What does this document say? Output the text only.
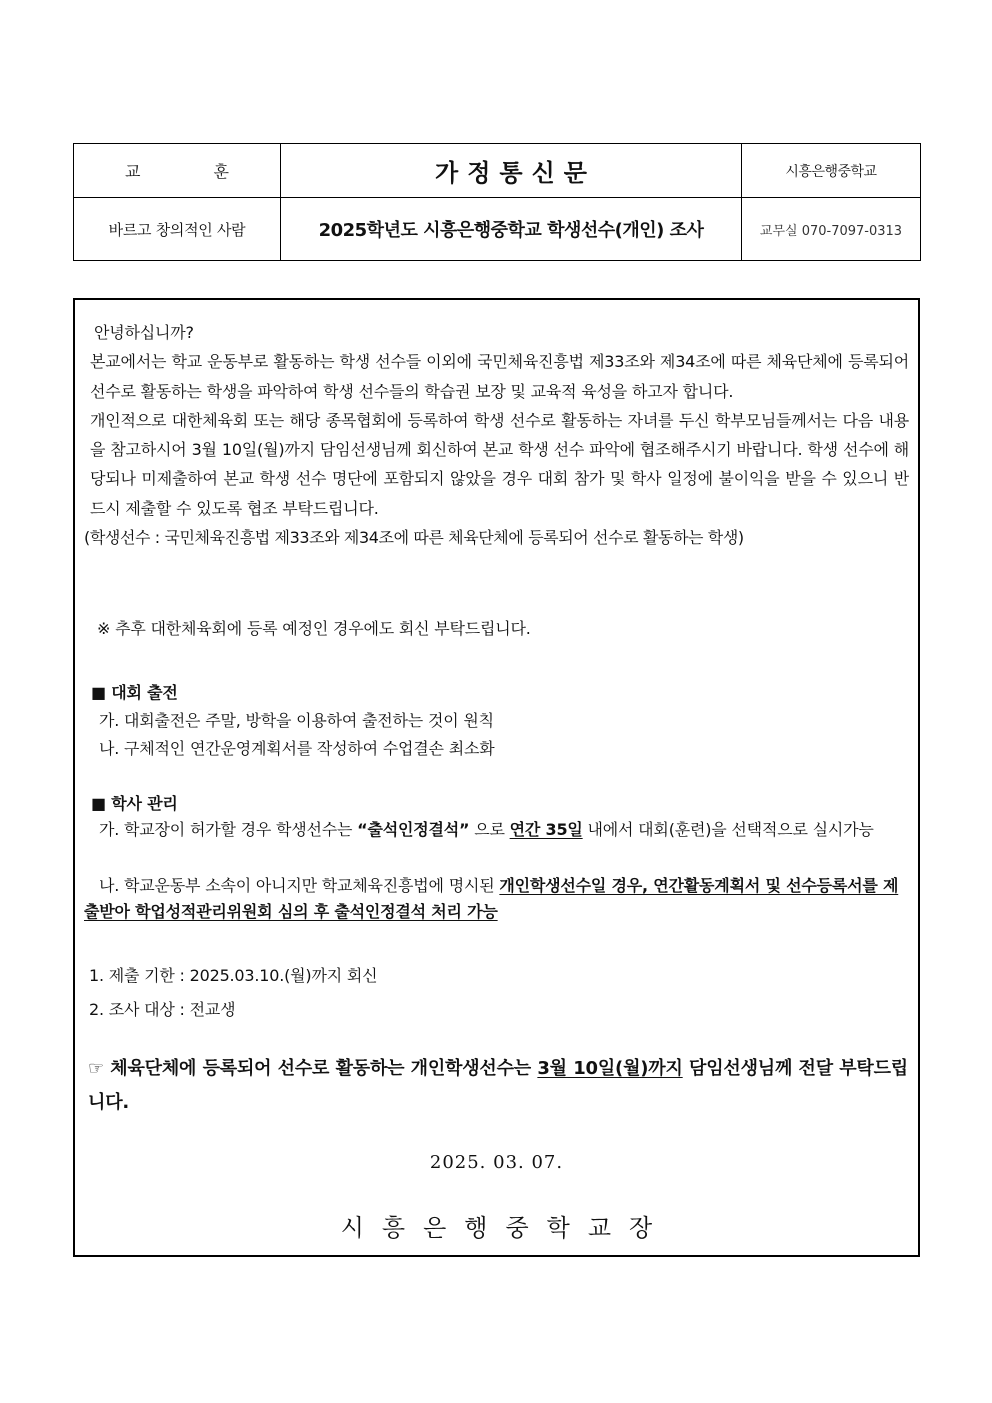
교 훈	가정통신문	시흥은행중학교
바르고 창의적인 사람	2025학년도 시흥은행중학교 학생선수(개인) 조사	교무실 070-7097-0313
안녕하십니까?
본교에서는 학교 운동부로 활동하는 학생 선수들 이외에 국민체육진흥법 제33조와 제34조에 따른 체육단체에 등록되어 선수로 활동하는 학생을 파악하여 학생 선수들의 학습권 보장 및 교육적 육성을 하고자 합니다.
개인적으로 대한체육회 또는 해당 종목협회에 등록하여 학생 선수로 활동하는 자녀를 두신 학부모님들께서는 다음 내용을 참고하시어 3월 10일(월)까지 담임선생님께 회신하여 본교 학생 선수 파악에 협조해주시기 바랍니다. 학생 선수에 해당되나 미제출하여 본교 학생 선수 명단에 포함되지 않았을 경우 대회 참가 및 학사 일정에 불이익을 받을 수 있으니 반드시 제출할 수 있도록 협조 부탁드립니다.
(학생선수 : 국민체육진흥법 제33조와 제34조에 따른 체육단체에 등록되어 선수로 활동하는 학생)
※ 추후 대한체육회에 등록 예정인 경우에도 회신 부탁드립니다.
■ 대회 출전
가. 대회출전은 주말, 방학을 이용하여 출전하는 것이 원칙
나. 구체적인 연간운영계획서를 작성하여 수업결손 최소화
■ 학사 관리
가. 학교장이 허가할 경우 학생선수는 “출석인정결석” 으로 연간 35일 내에서 대회(훈련)을 선택적으로 실시가능
나. 학교운동부 소속이 아니지만 학교체육진흥법에 명시된 개인학생선수일 경우, 연간활동계획서 및 선수등록서를 제출받아 학업성적관리위원회 심의 후 출석인정결석 처리 가능
1. 제출 기한 : 2025.03.10.(월)까지 회신
2. 조사 대상 : 전교생
☞ 체육단체에 등록되어 선수로 활동하는 개인학생선수는 3월 10일(월)까지 담임선생님께 전달 부탁드립니다.
2025. 03. 07.
시흥은행중학교장
